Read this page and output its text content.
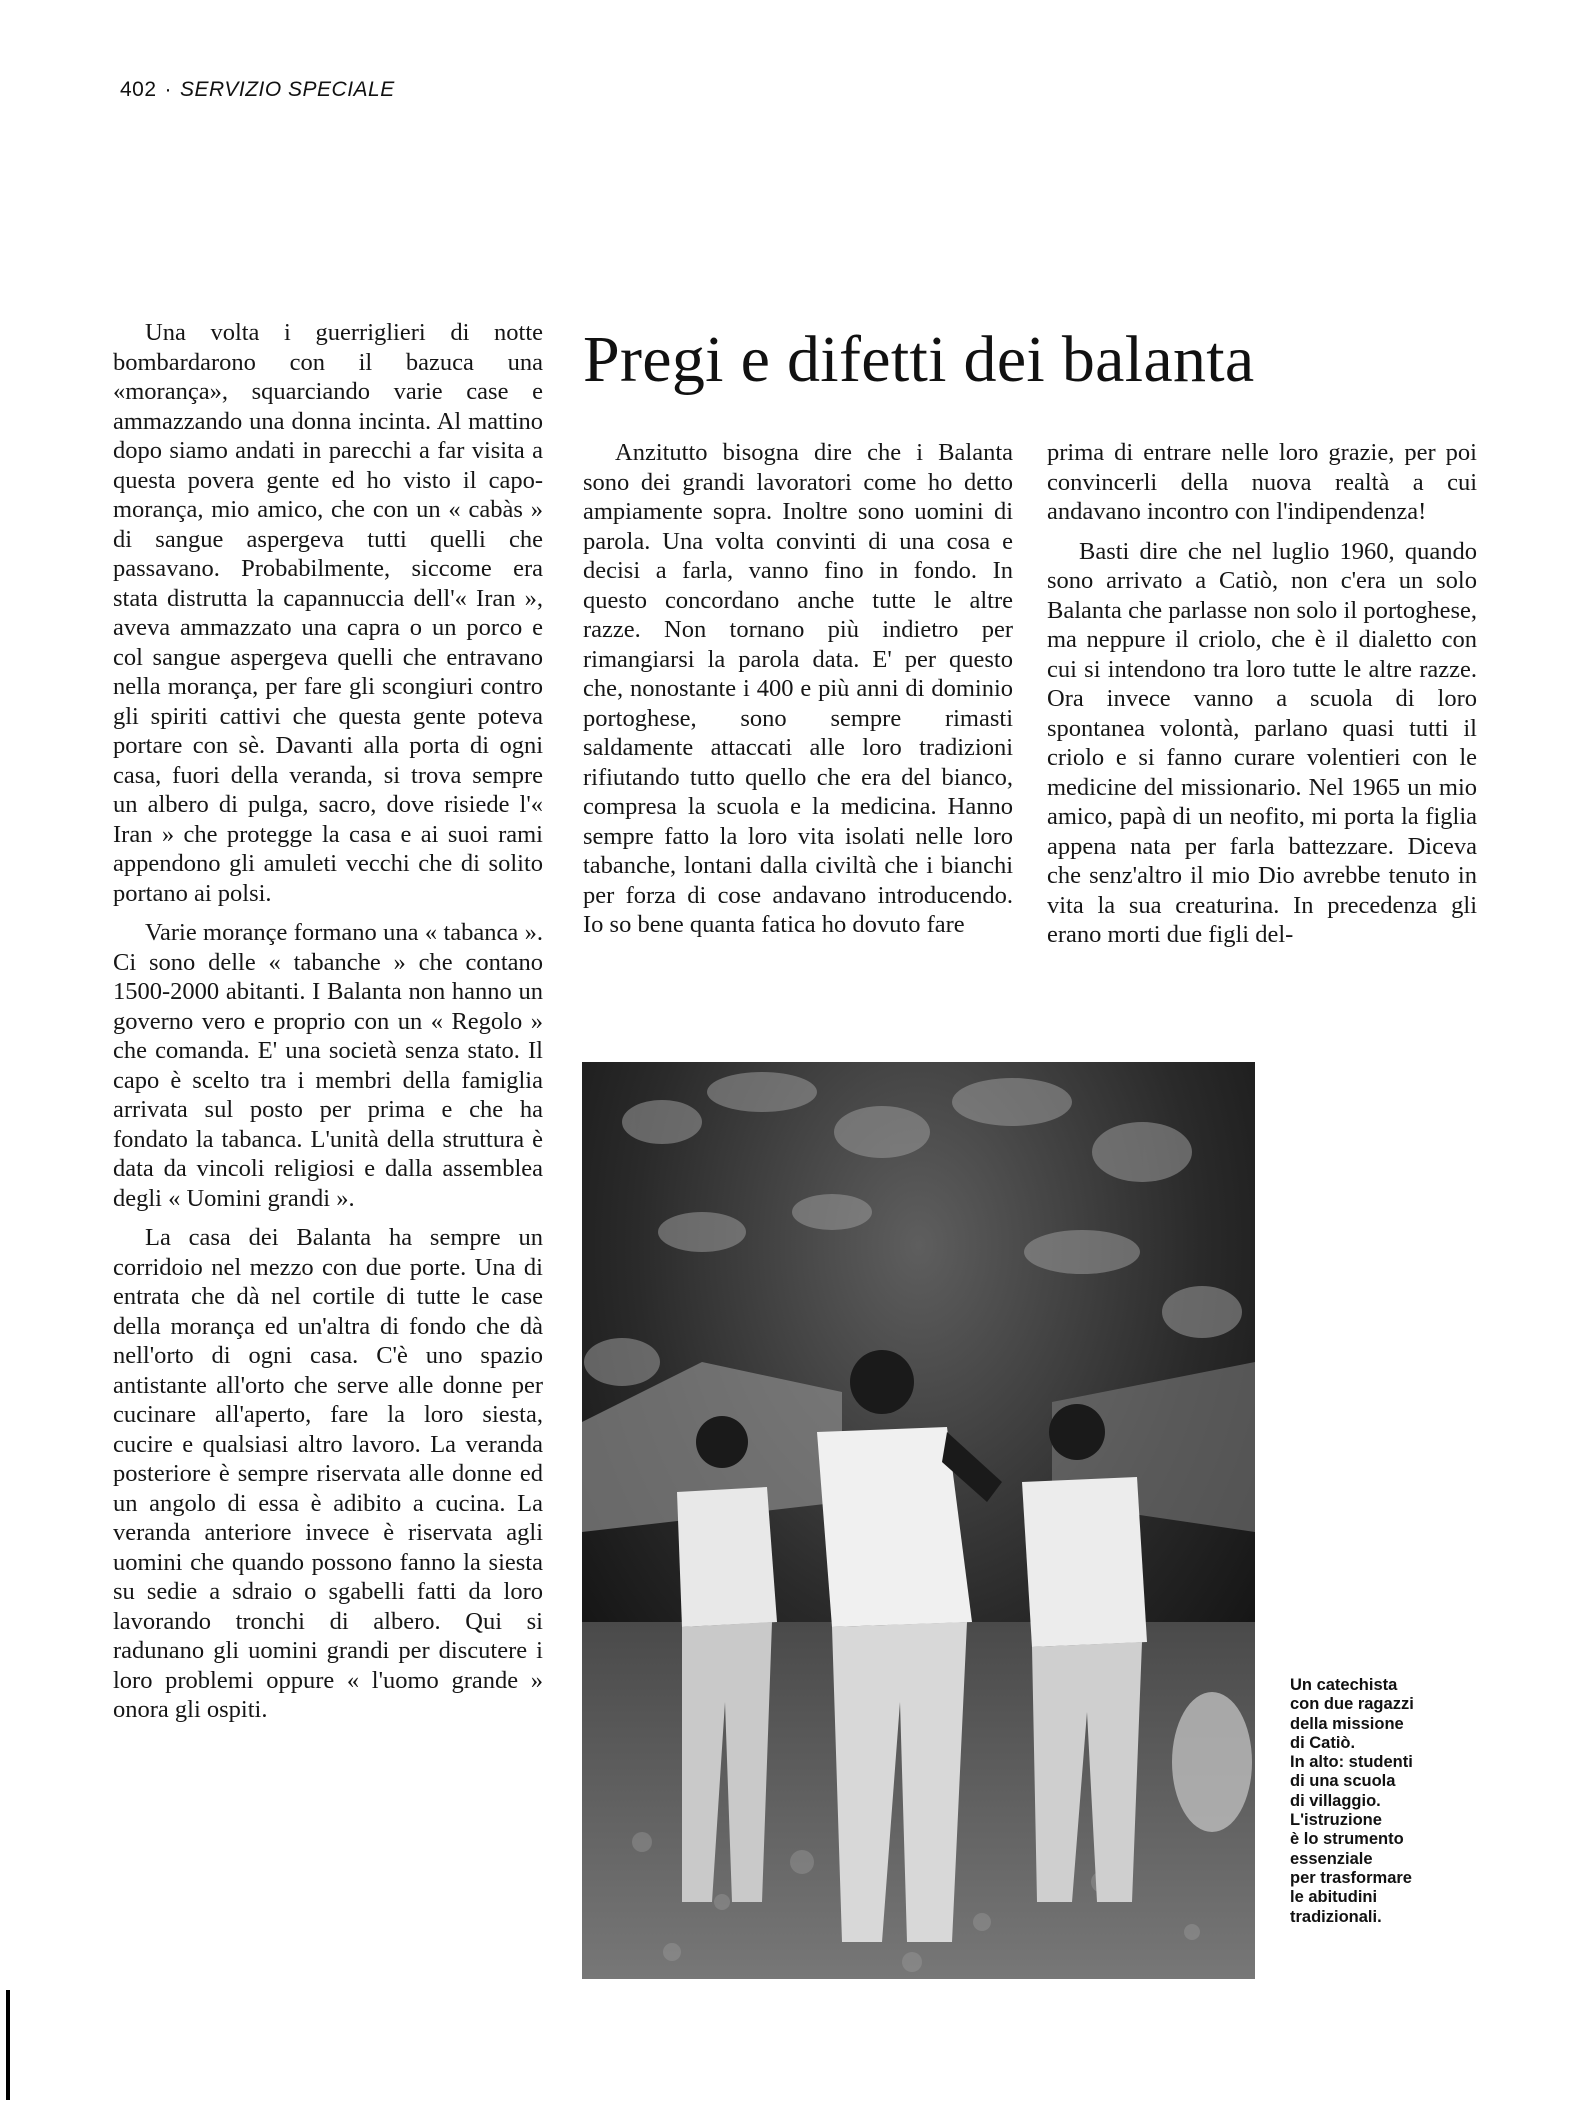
402 · SERVIZIO SPECIALE

Una volta i guerriglieri di notte bombardarono con il bazuca una «morança», squarciando varie case e ammazzando una donna incinta. Al mattino dopo siamo andati in parecchi a far visita a questa povera gente ed ho visto il capo-morança, mio amico, che con un « cabàs » di sangue aspergeva tutti quelli che passavano. Probabilmente, siccome era stata distrutta la capannuccia dell'« Iran », aveva ammazzato una capra o un porco e col sangue aspergeva quelli che entravano nella morança, per fare gli scongiuri contro gli spiriti cattivi che questa gente poteva portare con sè. Davanti alla porta di ogni casa, fuori della veranda, si trova sempre un albero di pulga, sacro, dove risiede l'« Iran » che protegge la casa e ai suoi rami appendono gli amuleti vecchi che di solito portano ai polsi.

Varie morançe formano una « tabanca ». Ci sono delle « tabanche » che contano 1500-2000 abitanti. I Balanta non hanno un governo vero e proprio con un « Regolo » che comanda. E' una società senza stato. Il capo è scelto tra i membri della famiglia arrivata sul posto per prima e che ha fondato la tabanca. L'unità della struttura è data da vincoli religiosi e dalla assemblea degli « Uomini grandi ».

La casa dei Balanta ha sempre un corridoio nel mezzo con due porte. Una di entrata che dà nel cortile di tutte le case della morança ed un'altra di fondo che dà nell'orto di ogni casa. C'è uno spazio antistante all'orto che serve alle donne per cucinare all'aperto, fare la loro siesta, cucire e qualsiasi altro lavoro. La veranda posteriore è sempre riservata alle donne ed un angolo di essa è adibito a cucina. La veranda anteriore invece è riservata agli uomini che quando possono fanno la siesta su sedie a sdraio o sgabelli fatti da loro lavorando tronchi di albero. Qui si radunano gli uomini grandi per discutere i loro problemi oppure « l'uomo grande » onora gli ospiti.

Pregi e difetti dei balanta

Anzitutto bisogna dire che i Balanta sono dei grandi lavoratori come ho detto ampiamente sopra. Inoltre sono uomini di parola. Una volta convinti di una cosa e decisi a farla, vanno fino in fondo. In questo concordano anche tutte le altre razze. Non tornano più indietro per rimangiarsi la parola data. E' per questo che, nonostante i 400 e più anni di dominio portoghese, sono sempre rimasti saldamente attaccati alle loro tradizioni rifiutando tutto quello che era del bianco, compresa la scuola e la medicina. Hanno sempre fatto la loro vita isolati nelle loro tabanche, lontani dalla civiltà che i bianchi per forza di cose andavano introducendo. Io so bene quanta fatica ho dovuto fare

prima di entrare nelle loro grazie, per poi convincerli della nuova realtà a cui andavano incontro con l'indipendenza!

Basti dire che nel luglio 1960, quando sono arrivato a Catiò, non c'era un solo Balanta che parlasse non solo il portoghese, ma neppure il criolo, che è il dialetto con cui si intendono tra loro tutte le altre razze. Ora invece vanno a scuola di loro spontanea volontà, parlano quasi tutti il criolo e si fanno curare volentieri con le medicine del missionario. Nel 1965 un mio amico, papà di un neofito, mi porta la figlia appena nata per farla battezzare. Diceva che senz'altro il mio Dio avrebbe tenuto in vita la sua creaturina. In precedenza gli erano morti due figli del-

Un catechista
con due ragazzi
della missione
di Catiò.
In alto: studenti
di una scuola
di villaggio.
L'istruzione
è lo strumento
essenziale
per trasformare
le abitudini
tradizionali.
